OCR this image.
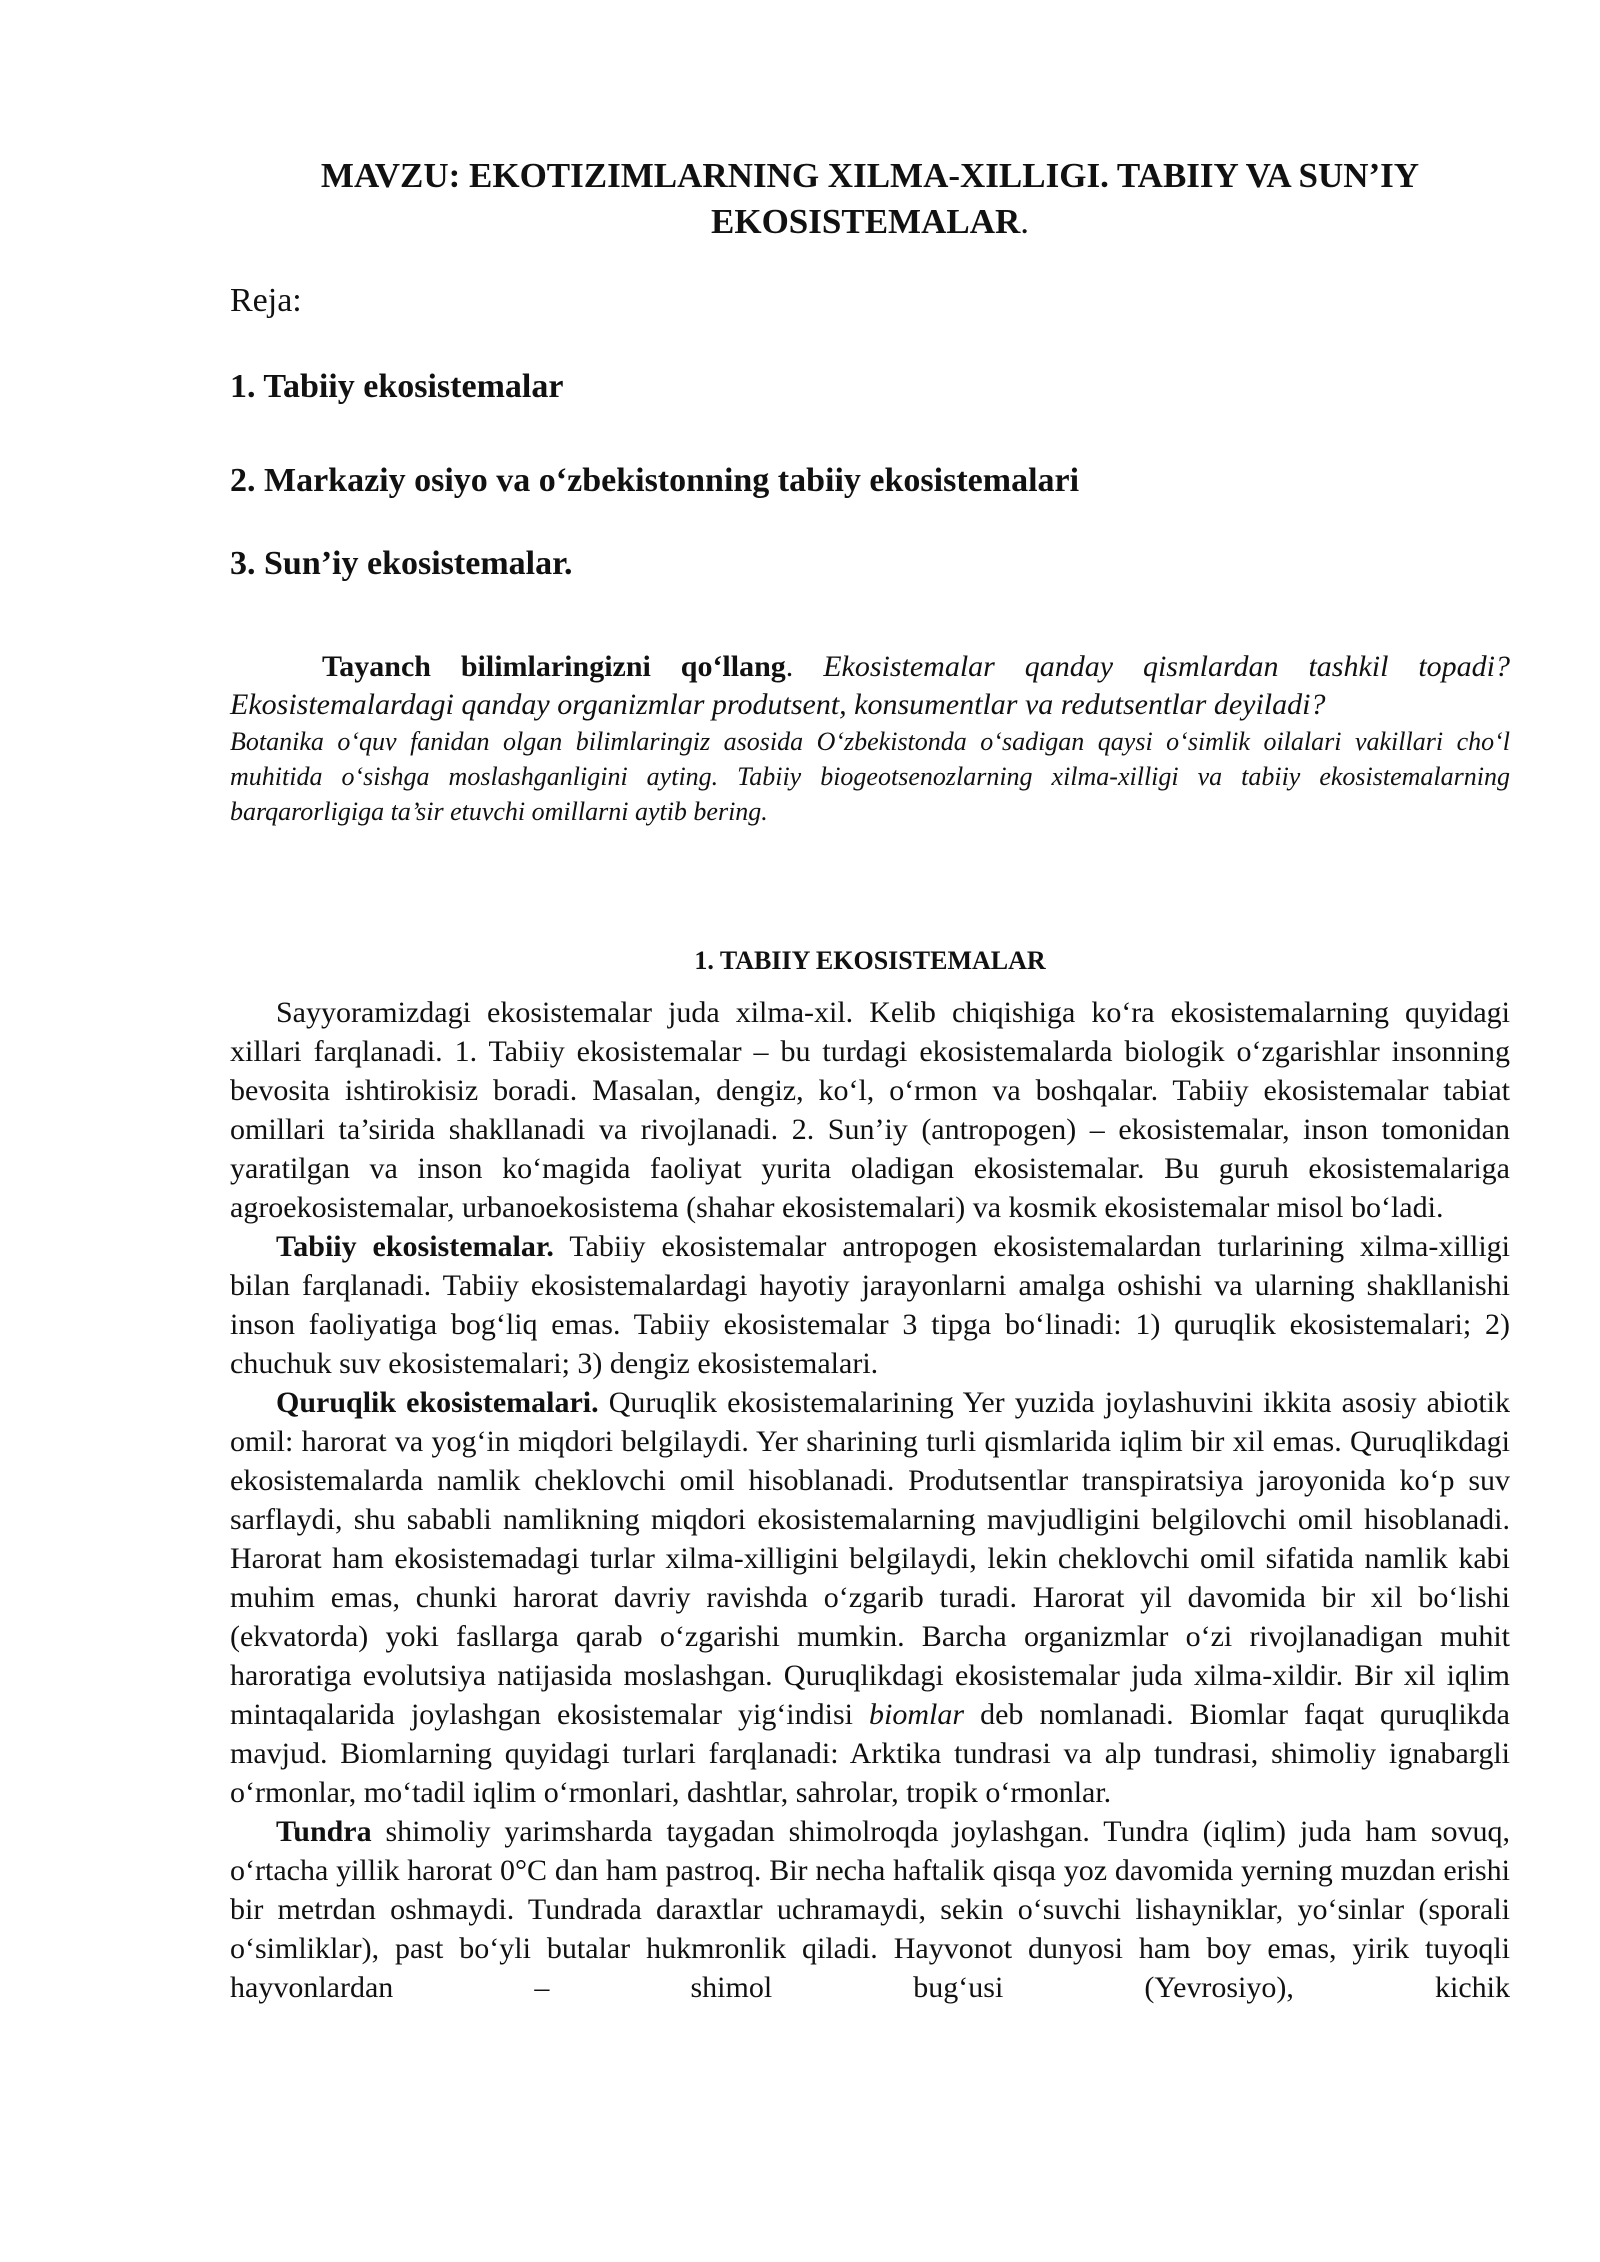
MAVZU: EKOTIZIMLARNING XILMA-XILLIGI. TABIIY VA SUN’IY EKOSISTEMALAR.
Reja:
1. Tabiiy ekosistemalar
2. Markaziy osiyo va o‘zbekistonning tabiiy ekosistemalari
3. Sun’iy ekosistemalar.
Tayanch bilimlaringizni qo‘llang. Ekosistemalar qanday qismlardan tashkil topadi? Ekosistemalardagi qanday organizmlar produtsent, konsumentlar va redutsentlar deyiladi?
Botanika o‘quv fanidan olgan bilimlaringiz asosida O‘zbekistonda o‘sadigan qaysi o‘simlik oilalari vakillari cho‘l muhitida o‘sishga moslashganligini ayting. Tabiiy biogeotsenozlarning xilma-xilligi va tabiiy ekosistemalarning barqarorligiga ta’sir etuvchi omillarni aytib bering.
1. TABIIY EKOSISTEMALAR

Sayyoramizdagi ekosistemalar juda xilma-xil. Kelib chiqishiga ko‘ra ekosistemalarning quyidagi xillari farqlanadi. 1. Tabiiy ekosistemalar – bu turdagi ekosistemalarda biologik o‘zgarishlar insonning bevosita ishtirokisiz boradi. Masalan, dengiz, ko‘l, o‘rmon va boshqalar. Tabiiy ekosistemalar tabiat omillari ta’sirida shakllanadi va rivojlanadi. 2. Sun’iy (antropogen) – ekosistemalar, inson tomonidan yaratilgan va inson ko‘magida faoliyat yurita oladigan ekosistemalar. Bu guruh ekosistemalariga agroekosistemalar, urbanoekosistema (shahar ekosistemalari) va kosmik ekosistemalar misol bo‘ladi.

Tabiiy ekosistemalar. Tabiiy ekosistemalar antropogen ekosistemalardan turlarining xilma-xilligi bilan farqlanadi. Tabiiy ekosistemalardagi hayotiy jarayonlarni amalga oshishi va ularning shakllanishi inson faoliyatiga bog‘liq emas. Tabiiy ekosistemalar 3 tipga bo‘linadi: 1) quruqlik ekosistemalari; 2) chuchuk suv ekosistemalari; 3) dengiz ekosistemalari.

Quruqlik ekosistemalari. Quruqlik ekosistemalarining Yer yuzida joylashuvini ikkita asosiy abiotik omil: harorat va yog‘in miqdori belgilaydi. Yer sharining turli qismlarida iqlim bir xil emas. Quruqlikdagi ekosistemalarda namlik cheklovchi omil hisoblanadi. Produtsentlar transpiratsiya jaroyonida ko‘p suv sarflaydi, shu sababli namlikning miqdori ekosistemalarning mavjudligini belgilovchi omil hisoblanadi. Harorat ham ekosistemadagi turlar xilma-xilligini belgilaydi, lekin cheklovchi omil sifatida namlik kabi muhim emas, chunki harorat davriy ravishda o‘zgarib turadi. Harorat yil davomida bir xil bo‘lishi (ekvatorda) yoki fasllarga qarab o‘zgarishi mumkin. Barcha organizmlar o‘zi rivojlanadigan muhit haroratiga evolutsiya natijasida moslashgan. Quruqlikdagi ekosistemalar juda xilma-xildir. Bir xil iqlim mintaqalarida joylashgan ekosistemalar yig‘indisi biomlar deb nomlanadi. Biomlar faqat quruqlikda mavjud. Biomlarning quyidagi turlari farqlanadi: Arktika tundrasi va alp tundrasi, shimoliy ignabargli o‘rmonlar, mo‘tadil iqlim o‘rmonlari, dashtlar, sahrolar, tropik o‘rmonlar.

Tundra shimoliy yarimsharda taygadan shimolroqda joylashgan. Tundra (iqlim) juda ham sovuq, o‘rtacha yillik harorat 0°C dan ham pastroq. Bir necha haftalik qisqa yoz davomida yerning muzdan erishi bir metrdan oshmaydi. Tundrada daraxtlar uchramaydi, sekin o‘suvchi lishayniklar, yo‘sinlar (sporali o‘simliklar), past bo‘yli butalar hukmronlik qiladi. Hayvonot dunyosi ham boy emas, yirik tuyoqli hayvonlardan – shimol bug‘usi (Yevrosiyo), kichik
